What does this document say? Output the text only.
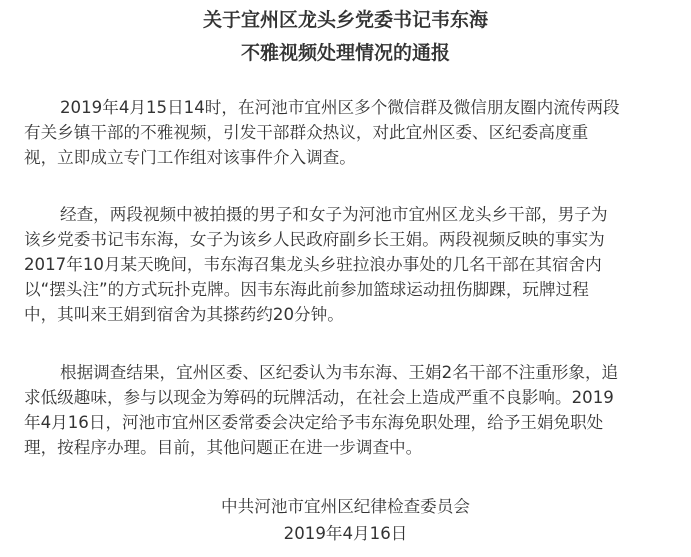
关于宜州区龙头乡党委书记韦东海
不雅视频处理情况的通报
2019年4月15日14时，在河池市宜州区多个微信群及微信朋友圈内流传两段
有关乡镇干部的不雅视频，引发干部群众热议，对此宜州区委、区纪委高度重
视，立即成立专门工作组对该事件介入调查。
经查，两段视频中被拍摄的男子和女子为河池市宜州区龙头乡干部，男子为
该乡党委书记韦东海，女子为该乡人民政府副乡长王娟。两段视频反映的事实为
2017年10月某天晚间，韦东海召集龙头乡驻拉浪办事处的几名干部在其宿舍内
以“摆头注”的方式玩扑克牌。因韦东海此前参加篮球运动扭伤脚踝，玩牌过程
中，其叫来王娟到宿舍为其搽药约20分钟。
根据调查结果，宜州区委、区纪委认为韦东海、王娟2名干部不注重形象，追
求低级趣味，参与以现金为筹码的玩牌活动，在社会上造成严重不良影响。2019
年4月16日，河池市宜州区委常委会决定给予韦东海免职处理，给予王娟免职处
理，按程序办理。目前，其他问题正在进一步调查中。
中共河池市宜州区纪律检查委员会
2019年4月16日
